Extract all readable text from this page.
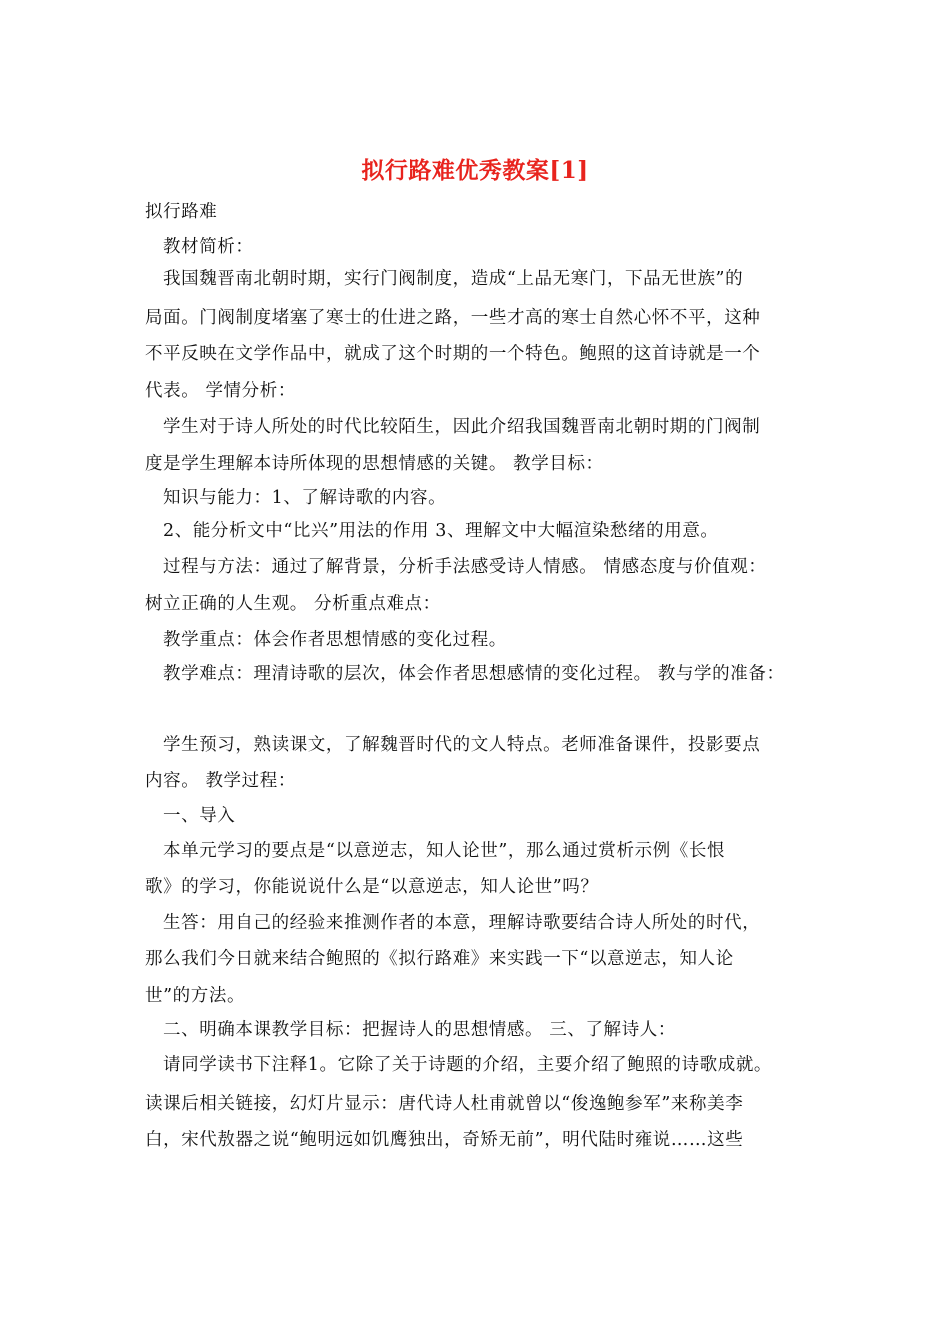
拟行路难优秀教案[1]
拟行路难
教材简析：
我国魏晋南北朝时期，实行门阀制度，造成“上品无寒门，下品无世族”的
局面。门阀制度堵塞了寒士的仕进之路，一些才高的寒士自然心怀不平，这种
不平反映在文学作品中，就成了这个时期的一个特色。鲍照的这首诗就是一个
代表。 学情分析：
学生对于诗人所处的时代比较陌生，因此介绍我国魏晋南北朝时期的门阀制
度是学生理解本诗所体现的思想情感的关键。 教学目标：
知识与能力：1、了解诗歌的内容。
2、能分析文中“比兴”用法的作用 3、理解文中大幅渲染愁绪的用意。
过程与方法：通过了解背景，分析手法感受诗人情感。 情感态度与价值观：
树立正确的人生观。 分析重点难点：
教学重点：体会作者思想情感的变化过程。
教学难点：理清诗歌的层次，体会作者思想感情的变化过程。 教与学的准备：
学生预习，熟读课文，了解魏晋时代的文人特点。老师准备课件，投影要点
内容。 教学过程：
一、导入
本单元学习的要点是“以意逆志，知人论世”，那么通过赏析示例《长恨
歌》的学习，你能说说什么是“以意逆志，知人论世”吗？
生答：用自己的经验来推测作者的本意，理解诗歌要结合诗人所处的时代，
那么我们今日就来结合鲍照的《拟行路难》来实践一下“以意逆志，知人论
世”的方法。
二、明确本课教学目标：把握诗人的思想情感。 三、了解诗人：
请同学读书下注释1。它除了关于诗题的介绍，主要介绍了鲍照的诗歌成就。
读课后相关链接，幻灯片显示：唐代诗人杜甫就曾以“俊逸鲍参军”来称美李
白，宋代敖器之说“鲍明远如饥鹰独出，奇矫无前”，明代陆时雍说……这些
